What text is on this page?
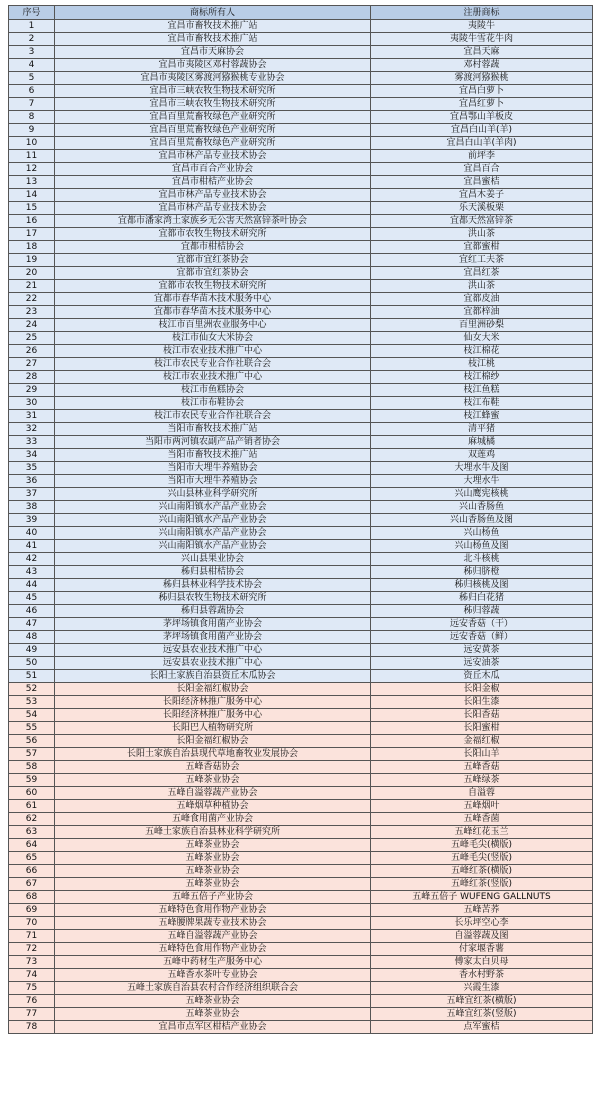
序号	商标所有人	注册商标
1	宜昌市畜牧技术推广站	夷陵牛
2	宜昌市畜牧技术推广站	夷陵牛雪花牛肉
3	宜昌市天麻协会	宜昌天麻
4	宜昌市夷陵区邓村蓉蔬协会	邓村蓉蔬
5	宜昌市夷陵区雾渡河猕猴桃专业协会	雾渡河猕猴桃
6	宜昌市三峡农牧生物技术研究所	宜昌白萝卜
7	宜昌市三峡农牧生物技术研究所	宜昌红萝卜
8	宜昌百里荒畜牧绿色产业研究所	宜昌鄂山羊板皮
9	宜昌百里荒畜牧绿色产业研究所	宜昌白山羊(羊)
10	宜昌百里荒畜牧绿色产业研究所	宜昌白山羊(羊肉)
11	宜昌市林产品专业技术协会	前坪李
12	宜昌市百合产业协会	宜昌百合
13	宜昌市柑桔产业协会	宜昌蜜桔
14	宜昌市林产品专业技术协会	宜昌木姜子
15	宜昌市林产品专业技术协会	乐天溪板栗
16	宜都市潘家湾土家族乡无公害天然富锌茶叶协会	宜都天然富锌茶
17	宜都市农牧生物技术研究所	洪山茶
18	宜都市柑桔协会	宜都蜜柑
19	宜都市宜红茶协会	宜红工夫茶
20	宜都市宜红茶协会	宜昌红茶
21	宜都市农牧生物技术研究所	洪山茶
22	宜都市春华苗木技术服务中心	宜都皮油
23	宜都市春华苗木技术服务中心	宜都梓油
24	枝江市百里洲农业服务中心	百里洲砂梨
25	枝江市仙女大米协会	仙女大米
26	枝江市农业技术推广中心	枝江棉花
27	枝江市农民专业合作社联合会	枝江桃
28	枝江市农业技术推广中心	枝江棉纱
29	枝江市鱼糕协会	枝江鱼糕
30	枝江市布鞋协会	枝江布鞋
31	枝江市农民专业合作社联合会	枝江蜂蜜
32	当阳市畜牧技术推广站	清平猪
33	当阳市两河镇农副产品产销者协会	麻城橘
34	当阳市畜牧技术推广站	双莲鸡
35	当阳市大埋牛养殖协会	大埋水牛及图
36	当阳市大埋牛养殖协会	大埋水牛
37	兴山县林业科学研究所	兴山鹰宪核桃
38	兴山南阳镇水产品产业协会	兴山香肠鱼
39	兴山南阳镇水产品产业协会	兴山香肠鱼及图
40	兴山南阳镇水产品产业协会	兴山杨鱼
41	兴山南阳镇水产品产业协会	兴山杨鱼及图
42	兴山县果业协会	北斗核桃
43	秭归县柑桔协会	秭归脐橙
44	秭归县林业科学技术协会	秭归核桃及图
45	秭归县农牧生物技术研究所	秭归白花猪
46	秭归县蓉蔬协会	秭归蓉蔬
47	茅坪场镇食用菌产业协会	远安香菇（干）
48	茅坪场镇食用菌产业协会	远安香菇（鲜）
49	远安县农业技术推广中心	远安黄茶
50	远安县农业技术推广中心	远安油茶
51	长阳土家族自治县资丘木瓜协会	资丘木瓜
52	长阳金福红椒协会	长阳金椒
53	长阳经济林推广服务中心	长阳生漆
54	长阳经济林推广服务中心	长阳香菇
55	长阳巴人植物研究所	长阳蜜柑
56	长阳金福红椒协会	金福红椒
57	长阳土家族自治县现代草地畜牧业发展协会	长阳山羊
58	五峰香菇协会	五峰香菇
59	五峰茶业协会	五峰绿茶
60	五峰自溢蓉蔬产业协会	自溢蓉
61	五峰烟草种植协会	五峰烟叶
62	五峰食用菌产业协会	五峰香菌
63	五峰土家族自治县林业科学研究所	五峰红花玉兰
64	五峰茶业协会	五峰毛尖(横版)
65	五峰茶业协会	五峰毛尖(竖版)
66	五峰茶业协会	五峰红茶(横版)
67	五峰茶业协会	五峰红茶(竖版)
68	五峰五倍子产业协会	五峰五倍子 WUFENG GALLNUTS
69	五峰特色食用作物产业协会	五峰苦荞
70	五峰腰牌果蔬专业技术协会	长乐坪空心李
71	五峰自溢蓉蔬产业协会	自溢蓉蔬及图
72	五峰特色食用作物产业协会	付家堰香薯
73	五峰中药材生产服务中心	傅家太白贝母
74	五峰香水茶叶专业协会	香水村野茶
75	五峰土家族自治县农村合作经济组织联合会	兴霞生漆
76	五峰茶业协会	五峰宜红茶(横版)
77	五峰茶业协会	五峰宜红茶(竖版)
78	宜昌市点军区柑桔产业协会	点军蜜桔
